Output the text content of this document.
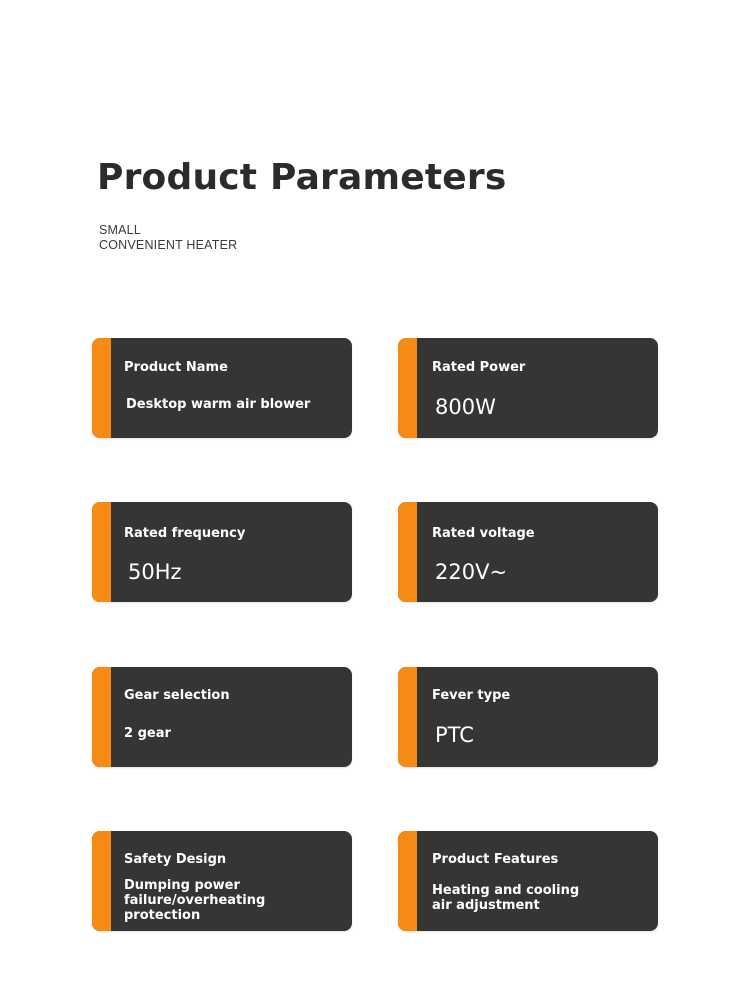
Product Parameters
SMALL
CONVENIENT HEATER
Product Name
Desktop warm air blower
Rated Power
800W
Rated frequency
50Hz
Rated voltage
220V~
Gear selection
2 gear
Fever type
PTC
Safety Design
Dumping power failure/overheating protection
Product Features
Heating and cooling air adjustment
